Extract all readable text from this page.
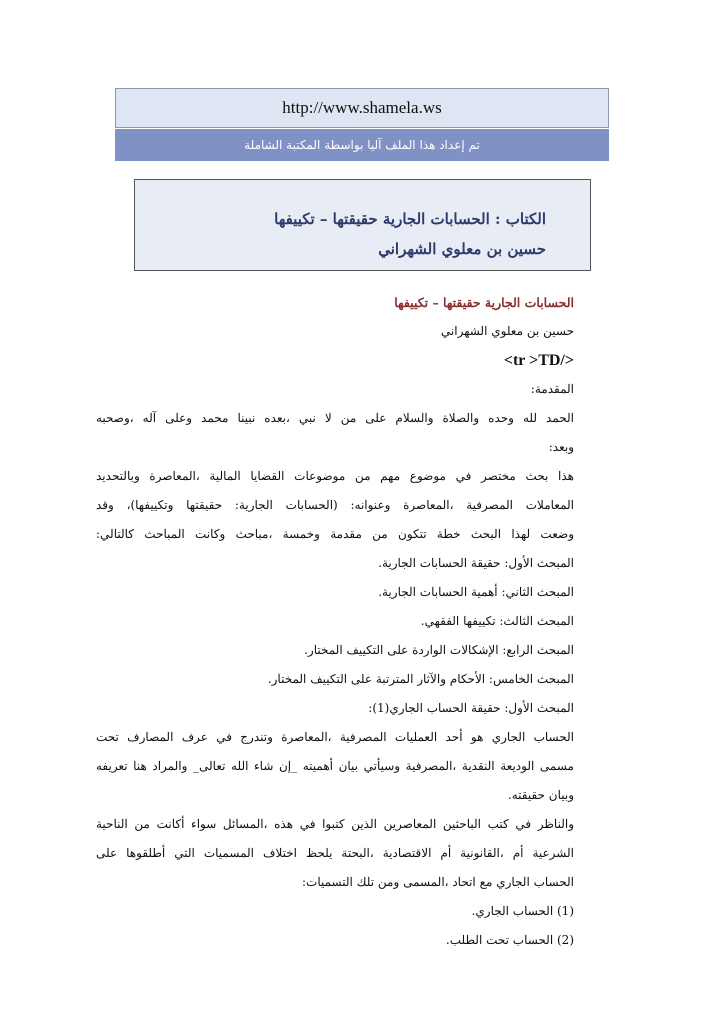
http://www.shamela.ws
تم إعداد هذا الملف آليا بواسطة المكتبة الشاملة
الكتاب : الحسابات الجارية حقيقتها – تكييفها
حسين بن معلوي الشهراني
الحسابات الجارية حقيقتها – تكييفها
حسين بن معلوي الشهراني
<tr >TD/>
المقدمة:
الحمد لله وحده والصلاة والسلام على من لا نبي ،بعده نبينا محمد وعلى آله ،وصحبه
وبعد:
هذا بحث مختصر في موضوع مهم من موضوعات القضايا المالية ،المعاصرة وبالتحديد
المعاملات المصرفية ،المعاصرة وعنوانه: (الحسابات الجارية: حقيقتها وتكييفها)، وقد
وضعت لهذا البحث خطة تتكون من مقدمة وخمسة ،مباحث وكانت المباحث كالتالي:
المبحث الأول: حقيقة الحسابات الجارية.
المبحث الثاني: أهمية الحسابات الجارية.
المبحث الثالث: تكييفها الفقهي.
المبحث الرابع: الإشكالات الواردة على التكييف المختار.
المبحث الخامس: الأحكام والآثار المترتبة على التكييف المختار.
المبحث الأول: حقيقة الحساب الجاري(1):
الحساب الجاري هو أحد العمليات المصرفية ،المعاصرة وتندرج في عرف المصارف تحت
مسمى الوديعة النقدية ،المصرفية وسيأتي بيان أهميته _إن شاء الله تعالى_ والمراد هنا تعريفه
وبيان حقيقته.
والناظر في كتب الباحثين المعاصرين الذين كتبوا في هذه ،المسائل سواء أكانت من الناحية
الشرعية أم ،القانونية أم الاقتصادية ،البحتة يلحظ اختلاف المسميات التي أطلقوها على
الحساب الجاري مع اتحاد ،المسمى ومن تلك التسميات:
(1) الحساب الجاري.
(2) الحساب تحت الطلب.
